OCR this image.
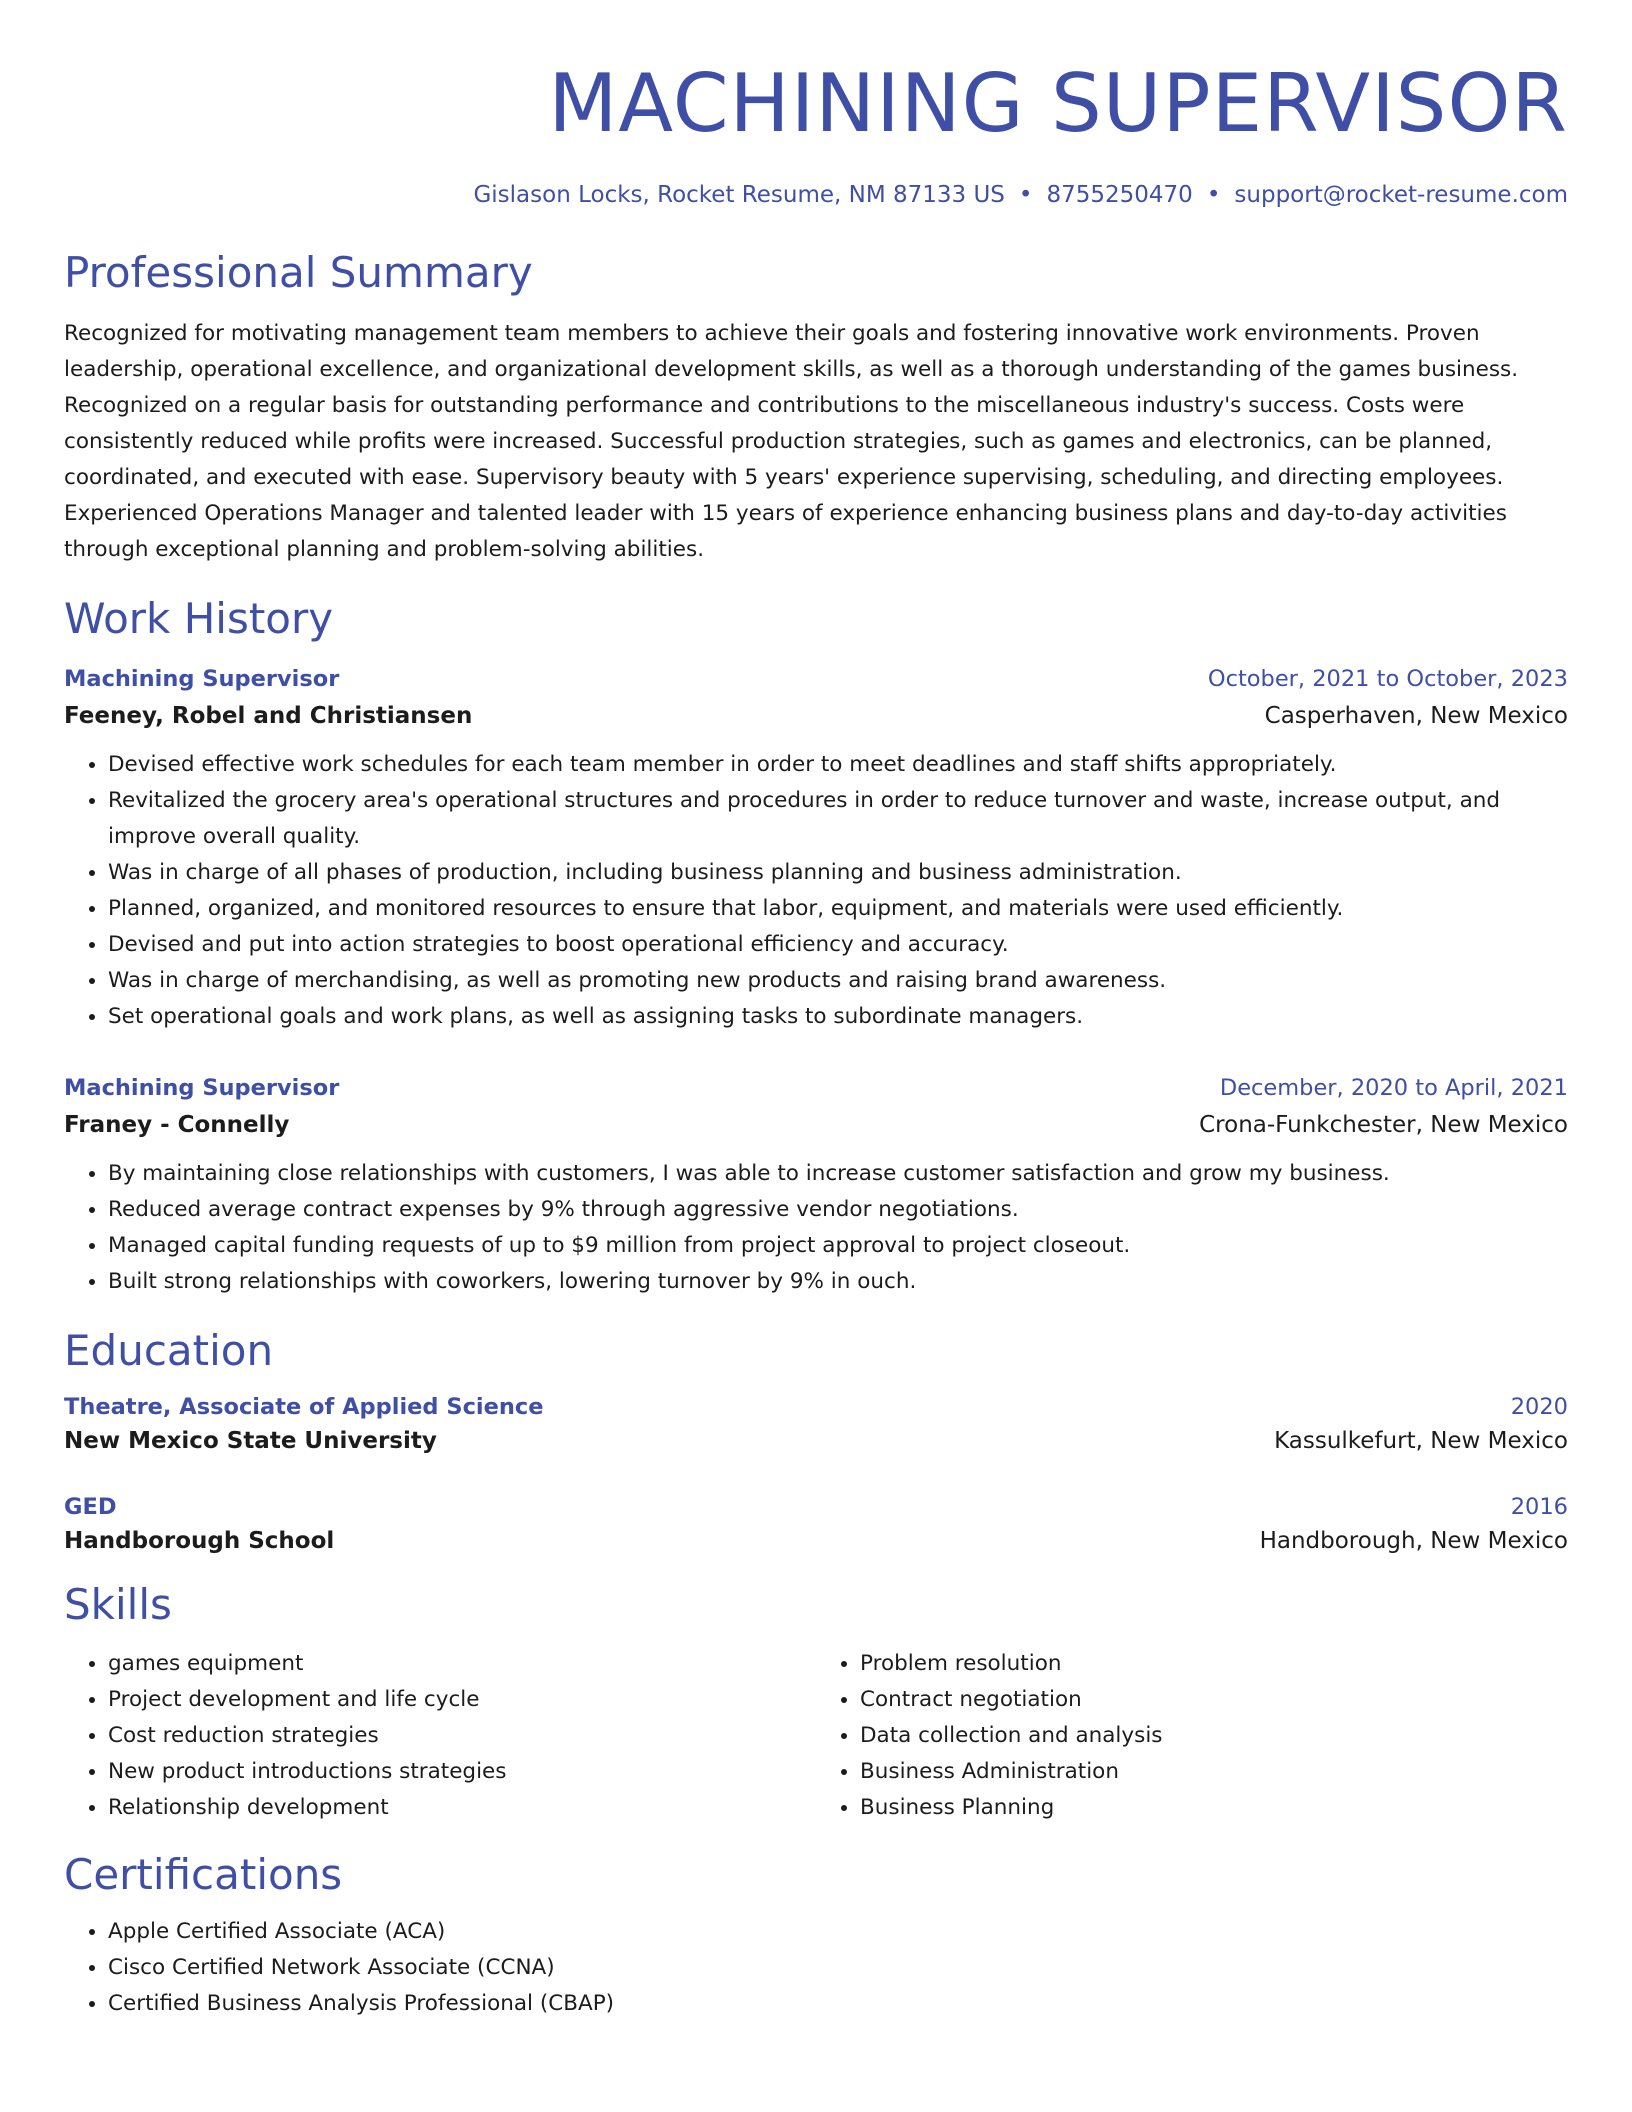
MACHINING SUPERVISOR
Gislason Locks, Rocket Resume, NM 87133 US • 8755250470 • support@rocket-resume.com
Professional Summary

Recognized for motivating management team members to achieve their goals and fostering innovative work environments. Proven leadership, operational excellence, and organizational development skills, as well as a thorough understanding of the games business. Recognized on a regular basis for outstanding performance and contributions to the miscellaneous industry's success. Costs were consistently reduced while profits were increased. Successful production strategies, such as games and electronics, can be planned, coordinated, and executed with ease. Supervisory beauty with 5 years' experience supervising, scheduling, and directing employees. Experienced Operations Manager and talented leader with 15 years of experience enhancing business plans and day-to-day activities through exceptional planning and problem-solving abilities.

Work History
Machining Supervisor	October, 2021 to October, 2023
Feeney, Robel and Christiansen	Casperhaven, New Mexico
• Devised effective work schedules for each team member in order to meet deadlines and staff shifts appropriately.
• Revitalized the grocery area's operational structures and procedures in order to reduce turnover and waste, increase output, and improve overall quality.
• Was in charge of all phases of production, including business planning and business administration.
• Planned, organized, and monitored resources to ensure that labor, equipment, and materials were used efficiently.
• Devised and put into action strategies to boost operational efficiency and accuracy.
• Was in charge of merchandising, as well as promoting new products and raising brand awareness.
• Set operational goals and work plans, as well as assigning tasks to subordinate managers.
Machining Supervisor	December, 2020 to April, 2021
Franey - Connelly	Crona-Funkchester, New Mexico
• By maintaining close relationships with customers, I was able to increase customer satisfaction and grow my business.
• Reduced average contract expenses by 9% through aggressive vendor negotiations.
• Managed capital funding requests of up to $9 million from project approval to project closeout.
• Built strong relationships with coworkers, lowering turnover by 9% in ouch.
Education
Theatre, Associate of Applied Science	2020
New Mexico State University	Kassulkefurt, New Mexico
GED	2016
Handborough School	Handborough, New Mexico
Skills
• games equipment
• Project development and life cycle
• Cost reduction strategies
• New product introductions strategies
• Relationship development
• Problem resolution
• Contract negotiation
• Data collection and analysis
• Business Administration
• Business Planning
Certifications
• Apple Certified Associate (ACA)
• Cisco Certified Network Associate (CCNA)
• Certified Business Analysis Professional (CBAP)
